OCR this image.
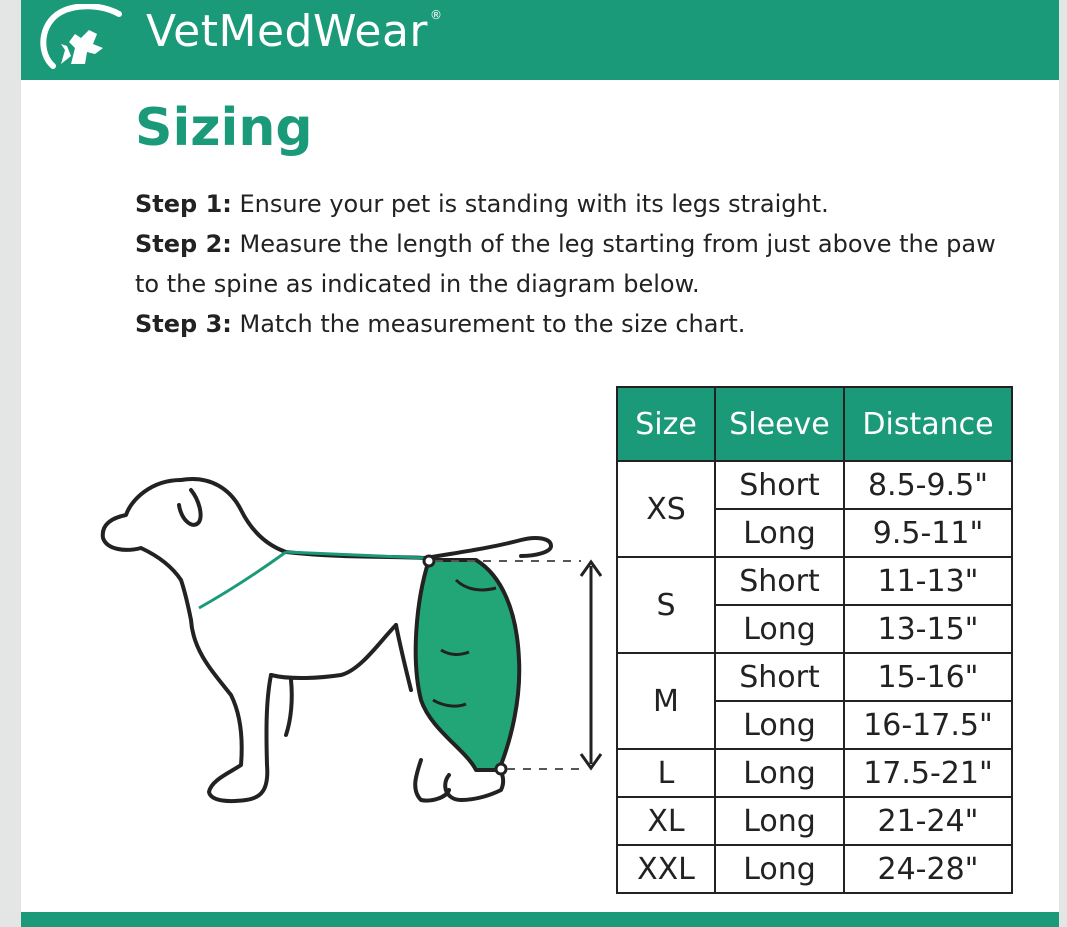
VetMedWear ®
Sizing

Step 1: Ensure your pet is standing with its legs straight.

Step 2: Measure the length of the leg starting from just above the paw to the spine as indicated in the diagram below.

Step 3: Match the measurement to the size chart.

Size	Sleeve	Distance
XS	Short	8.5-9.5"
	Long	9.5-11"
S	Short	11-13"
	Long	13-15"
M	Short	15-16"
	Long	16-17.5"
L	Long	17.5-21"
XL	Long	21-24"
XXL	Long	24-28"
